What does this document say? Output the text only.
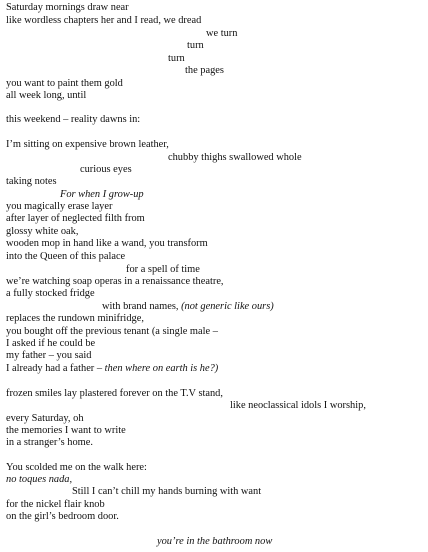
Saturday mornings draw near
like wordless chapters her and I read, we dread
we turn
turn
turn
the pages
you want to paint them gold
all week long, until
this weekend – reality dawns in:
I’m sitting on expensive brown leather,
chubby thighs swallowed whole
curious eyes
taking notes
For when I grow-up
you magically erase layer
after layer of neglected filth from
glossy white oak,
wooden mop in hand like a wand, you transform
into the Queen of this palace
for a spell of time
we’re watching soap operas in a renaissance theatre,
a fully stocked fridge
with brand names, (not generic like ours)
replaces the rundown minifridge,
you bought off the previous tenant (a single male –
I asked if he could be
my father – you said
I already had a father – then where on earth is he?)
frozen smiles lay plastered forever on the T.V stand,
like neoclassical idols I worship,
every Saturday, oh
the memories I want to write
in a stranger’s home.
You scolded me on the walk here:
no toques nada,
Still I can’t chill my hands burning with want
for the nickel flair knob
on the girl’s bedroom door.
you’re in the bathroom now
